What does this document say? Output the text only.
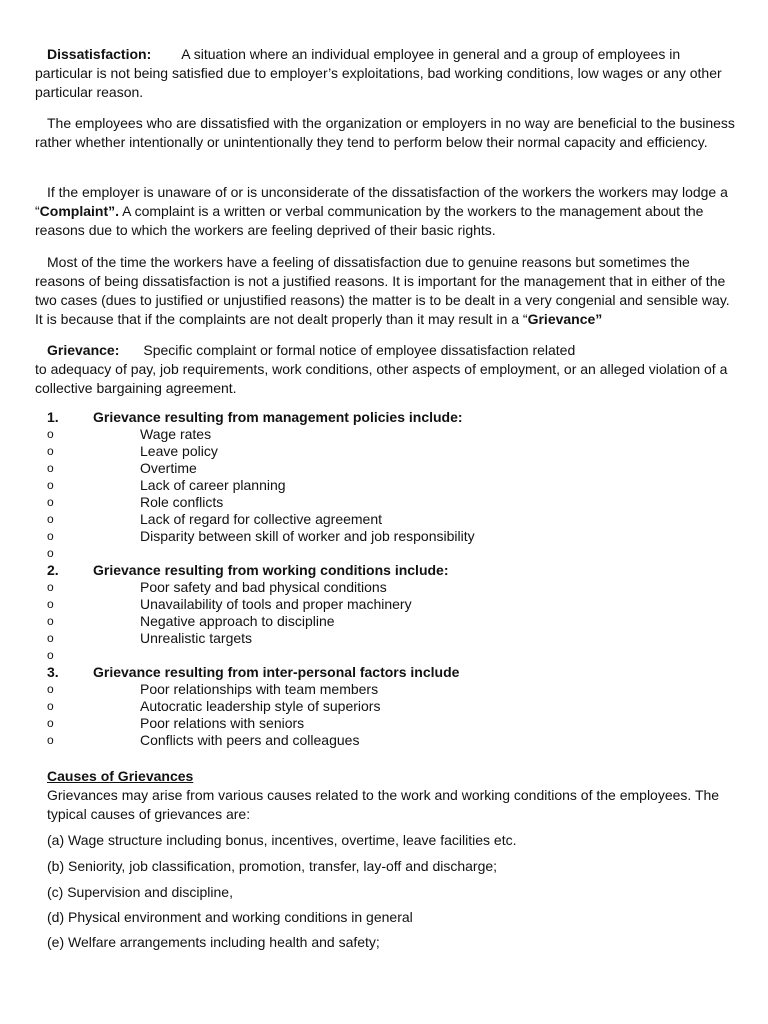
Dissatisfaction: A situation where an individual employee in general and a group of employees in particular is not being satisfied due to employer’s exploitations, bad working conditions, low wages or any other particular reason.

The employees who are dissatisfied with the organization or employers in no way are beneficial to the business rather whether intentionally or unintentionally they tend to perform below their normal capacity and efficiency.

If the employer is unaware of or is unconsiderate of the dissatisfaction of the workers the workers may lodge a “Complaint”. A complaint is a written or verbal communication by the workers to the management about the reasons due to which the workers are feeling deprived of their basic rights.

Most of the time the workers have a feeling of dissatisfaction due to genuine reasons but sometimes the reasons of being dissatisfaction is not a justified reasons. It is important for the management that in either of the two cases (dues to justified or unjustified reasons) the matter is to be dealt in a very congenial and sensible way. It is because that if the complaints are not dealt properly than it may result in a “Grievance”

Grievance: Specific complaint or formal notice of employee dissatisfaction related
to adequacy of pay, job requirements, work conditions, other aspects of employment, or an alleged violation of a collective bargaining agreement.

1. Grievance resulting from management policies include:
o	Wage rates
o	Leave policy
o	Overtime
o	Lack of career planning
o	Role conflicts
o	Lack of regard for collective agreement
o	Disparity between skill of worker and job responsibility
o
2. Grievance resulting from working conditions include:
o	Poor safety and bad physical conditions
o	Unavailability of tools and proper machinery
o	Negative approach to discipline
o	Unrealistic targets
o
3. Grievance resulting from inter-personal factors include
o	Poor relationships with team members
o	Autocratic leadership style of superiors
o	Poor relations with seniors
o	Conflicts with peers and colleagues

Causes of Grievances

Grievances may arise from various causes related to the work and working conditions of the employees. The typical causes of grievances are:

(a) Wage structure including bonus, incentives, overtime, leave facilities etc.

(b) Seniority, job classification, promotion, transfer, lay-off and discharge;

(c) Supervision and discipline,

(d) Physical environment and working conditions in general

(e) Welfare arrangements including health and safety;
